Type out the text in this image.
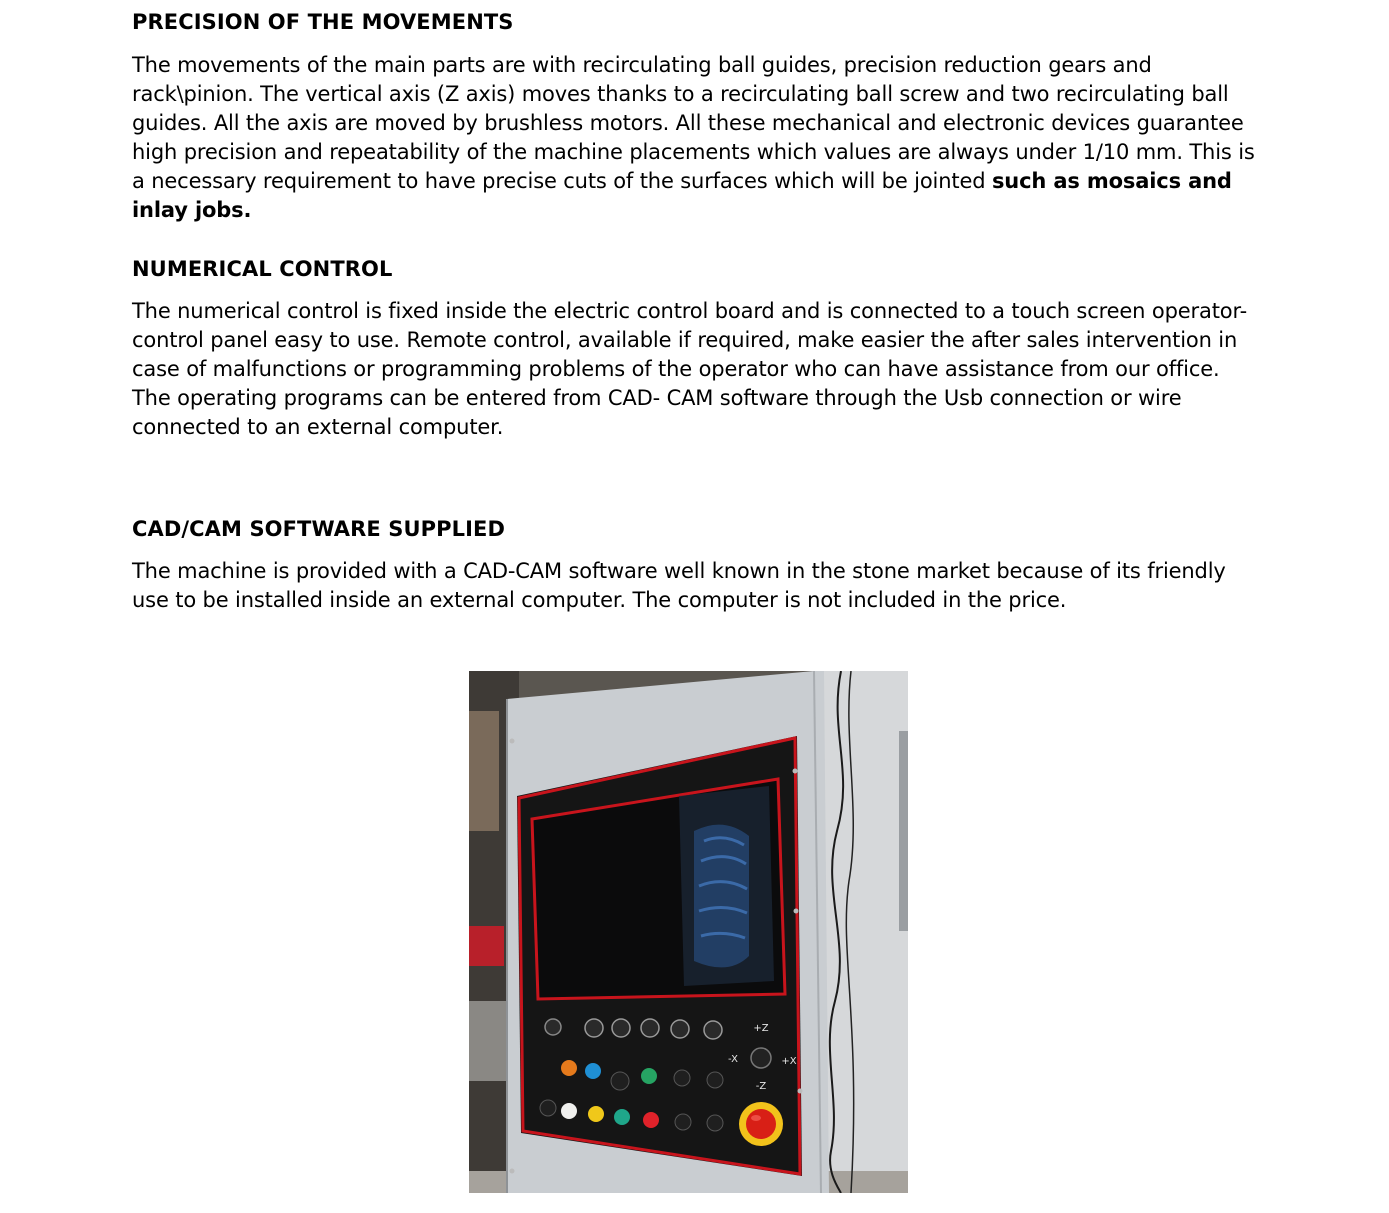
PRECISION OF THE MOVEMENTS

The movements of the main parts are with recirculating ball guides, precision reduction gears and rack\pinion. The vertical axis (Z axis) moves thanks to a recirculating ball screw and two recirculating ball guides. All the axis are moved by brushless motors. All these mechanical and electronic devices guarantee high precision and repeatability of the machine placements which values are always under 1/10 mm. This is a necessary requirement to have precise cuts of the surfaces which will be jointed such as mosaics and inlay jobs.

NUMERICAL CONTROL

The numerical control is fixed inside the electric control board and is connected to a touch screen operator-control panel easy to use. Remote control, available if required, make easier the after sales intervention in case of malfunctions or programming problems of the operator who can have assistance from our office. The operating programs can be entered from CAD- CAM software through the Usb connection or wire connected to an external computer.

CAD/CAM SOFTWARE SUPPLIED

The machine is provided with a CAD-CAM software well known in the stone market because of its friendly use to be installed inside an external computer. The computer is not included in the price.

+Z
-Z
-X	+X
